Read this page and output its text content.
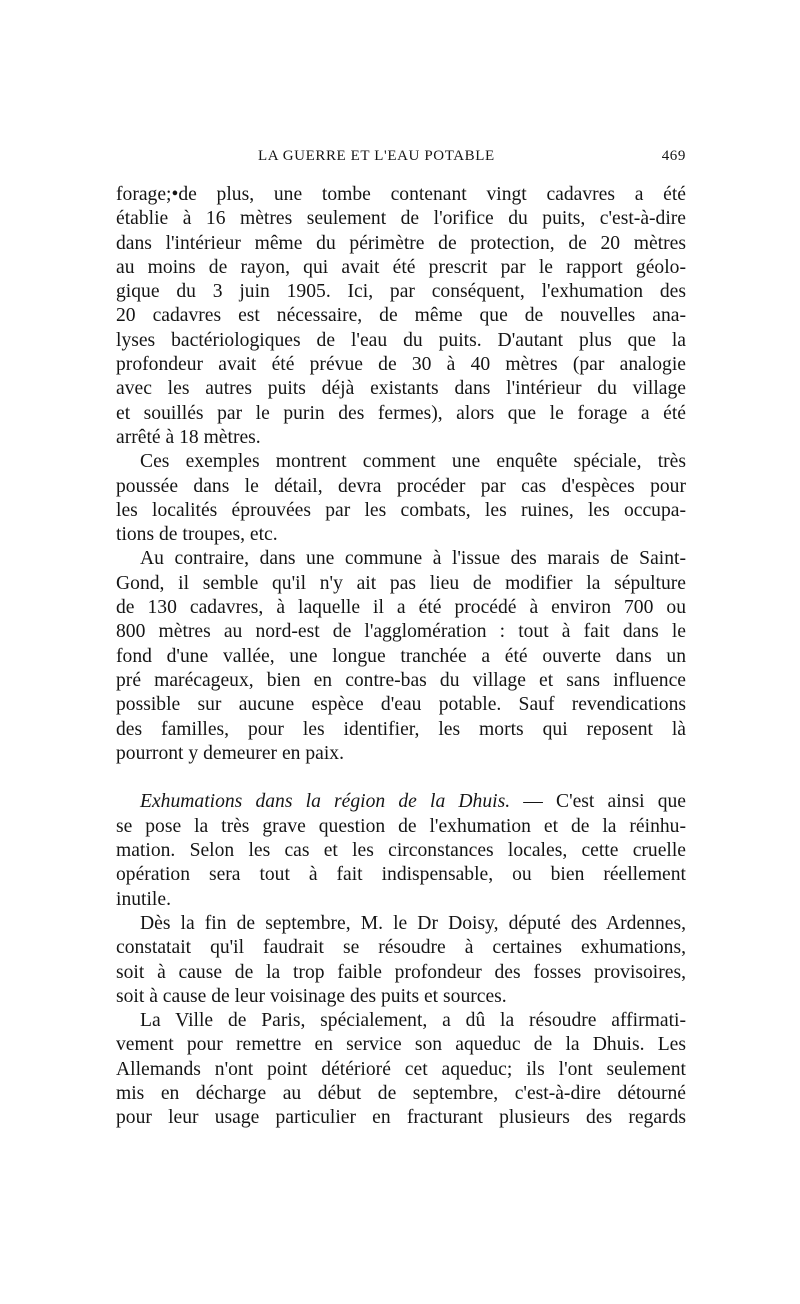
LA GUERRE ET L'EAU POTABLE	469
forage;•de plus, une tombe contenant vingt cadavres a été
établie à 16 mètres seulement de l'orifice du puits, c'est-à-dire
dans l'intérieur même du périmètre de protection, de 20 mètres
au moins de rayon, qui avait été prescrit par le rapport géolo-
gique du 3 juin 1905. Ici, par conséquent, l'exhumation des
20 cadavres est nécessaire, de même que de nouvelles ana-
lyses bactériologiques de l'eau du puits. D'autant plus que la
profondeur avait été prévue de 30 à 40 mètres (par analogie
avec les autres puits déjà existants dans l'intérieur du village
et souillés par le purin des fermes), alors que le forage a été
arrêté à 18 mètres.
Ces exemples montrent comment une enquête spéciale, très
poussée dans le détail, devra procéder par cas d'espèces pour
les localités éprouvées par les combats, les ruines, les occupa-
tions de troupes, etc.
Au contraire, dans une commune à l'issue des marais de Saint-
Gond, il semble qu'il n'y ait pas lieu de modifier la sépulture
de 130 cadavres, à laquelle il a été procédé à environ 700 ou
800 mètres au nord-est de l'agglomération : tout à fait dans le
fond d'une vallée, une longue tranchée a été ouverte dans un
pré marécageux, bien en contre-bas du village et sans influence
possible sur aucune espèce d'eau potable. Sauf revendications
des familles, pour les identifier, les morts qui reposent là
pourront y demeurer en paix.
Exhumations dans la région de la Dhuis. — C'est ainsi que
se pose la très grave question de l'exhumation et de la réinhu-
mation. Selon les cas et les circonstances locales, cette cruelle
opération sera tout à fait indispensable, ou bien réellement
inutile.
Dès la fin de septembre, M. le Dr Doisy, député des Ardennes,
constatait qu'il faudrait se résoudre à certaines exhumations,
soit à cause de la trop faible profondeur des fosses provisoires,
soit à cause de leur voisinage des puits et sources.
La Ville de Paris, spécialement, a dû la résoudre affirmati-
vement pour remettre en service son aqueduc de la Dhuis. Les
Allemands n'ont point détérioré cet aqueduc; ils l'ont seulement
mis en décharge au début de septembre, c'est-à-dire détourné
pour leur usage particulier en fracturant plusieurs des regards
